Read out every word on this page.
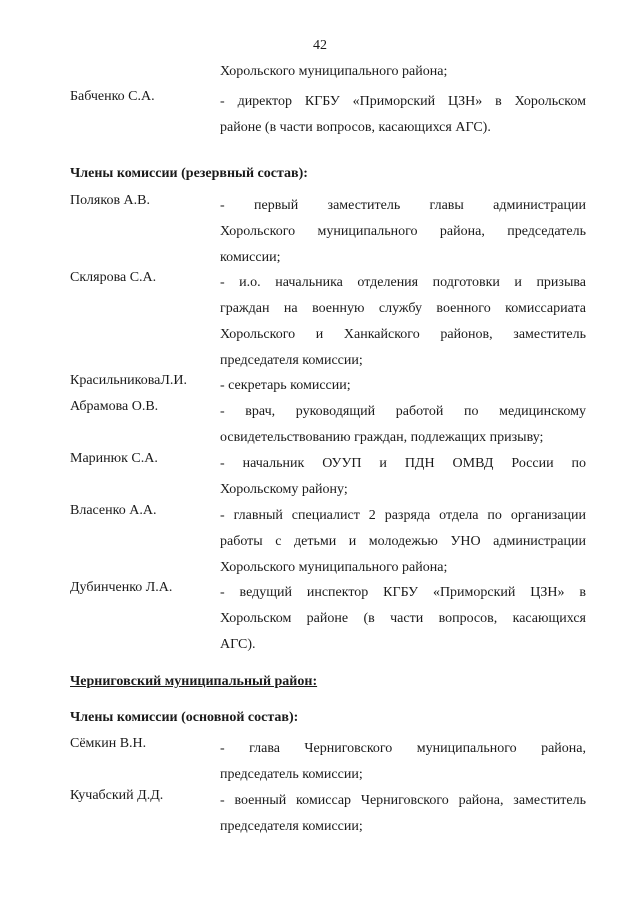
42
Хорольского муниципального района;
Бабченко С.А.	- директор КГБУ «Приморский ЦЗН» в Хорольском
районе (в части вопросов, касающихся АГС).
Члены комиссии (резервный состав):
Поляков А.В.	- первый заместитель главы администрации
Хорольского муниципального района, председатель
комиссии;
Склярова С.А.	- и.о. начальника отделения подготовки и призыва
граждан на военную службу военного комиссариата
Хорольского и Ханкайского районов, заместитель
председателя комиссии;
КрасильниковаЛ.И. - секретарь комиссии;
Абрамова О.В.	- врач, руководящий работой по медицинскому
освидетельствованию граждан, подлежащих призыву;
Маринюк С.А.	- начальник ОУУП и ПДН ОМВД России по
Хорольскому району;
Власенко А.А.	- главный специалист 2 разряда отдела по организации
работы с детьми и молодежью УНО администрации
Хорольского муниципального района;
Дубинченко Л.А.	- ведущий инспектор КГБУ «Приморский ЦЗН» в
Хорольском районе (в части вопросов, касающихся
АГС).
Черниговский муниципальный район:
Члены комиссии (основной состав):
Сёмкин В.Н.	- глава Черниговского муниципального района,
председатель комиссии;
Кучабский Д.Д.	- военный комиссар Черниговского района, заместитель
председателя комиссии;
